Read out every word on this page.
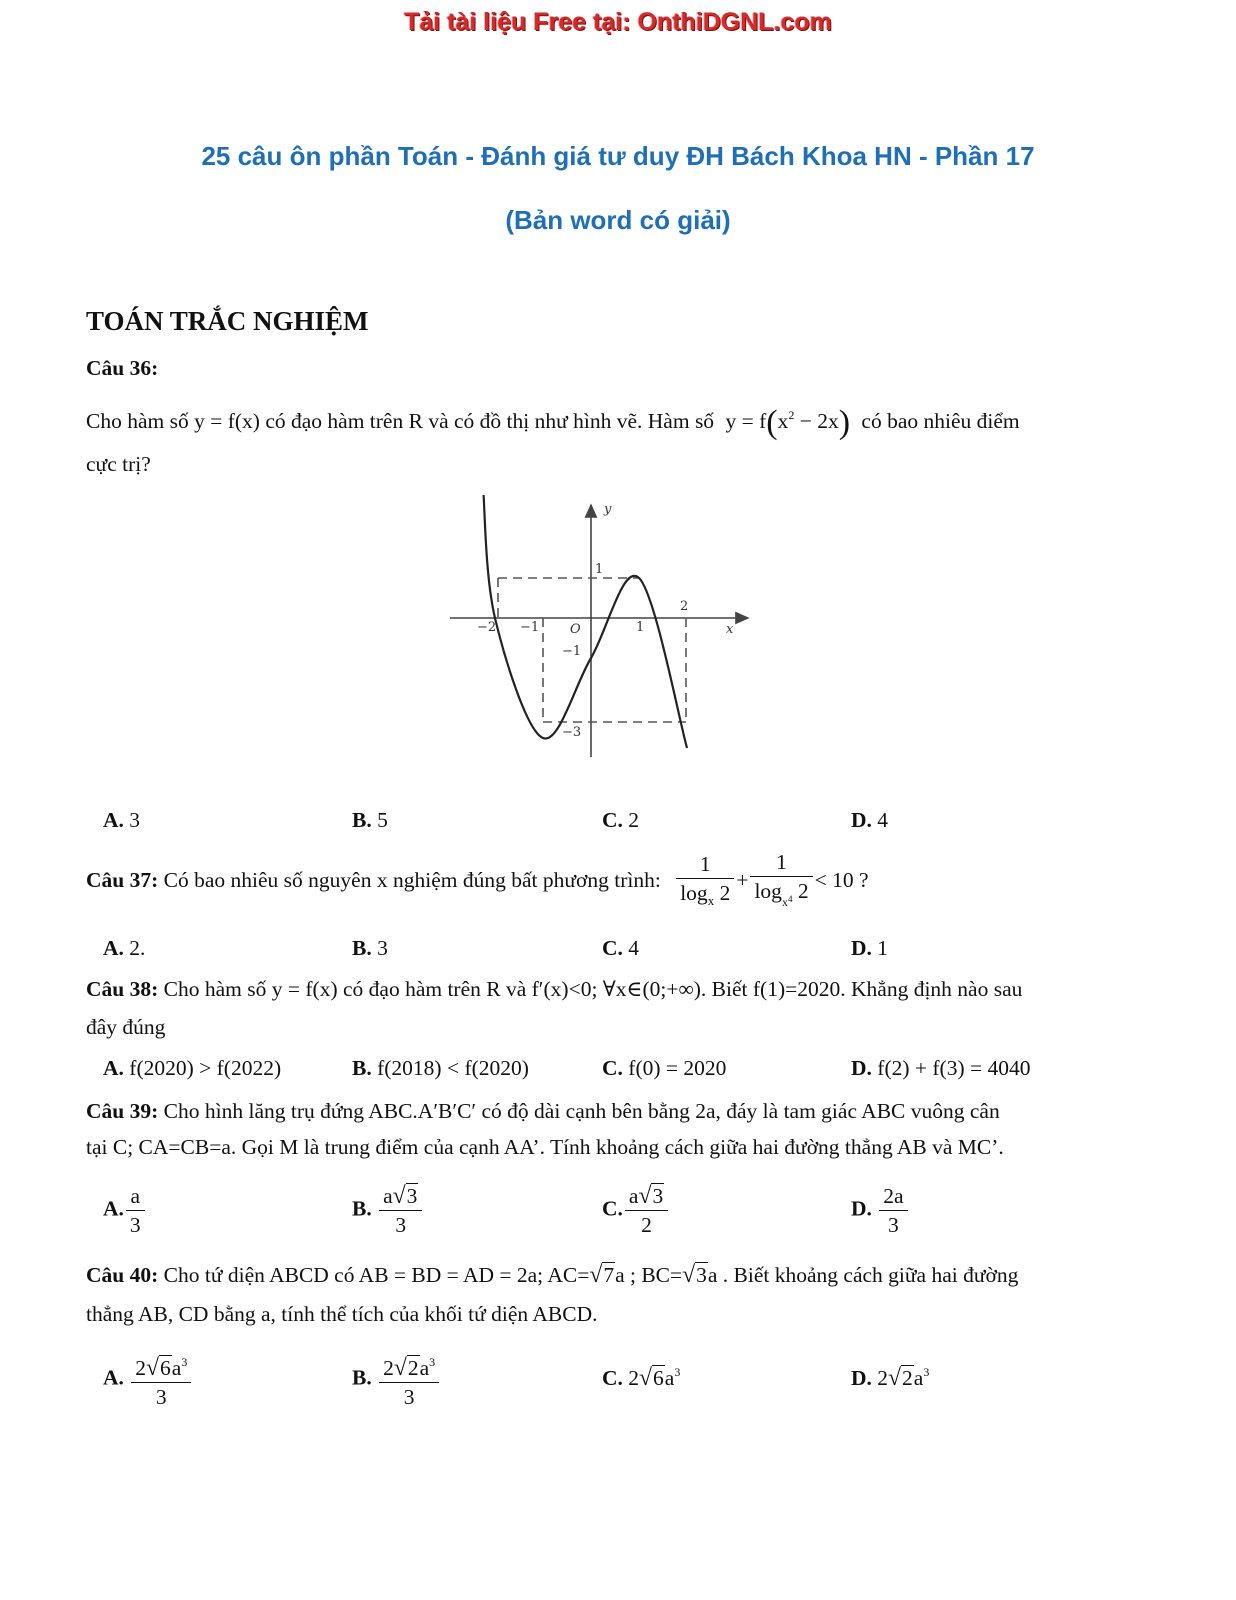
Tải tài liệu Free tại: OnthiDGNL.com
25 câu ôn phần Toán - Đánh giá tư duy ĐH Bách Khoa HN - Phần 17
(Bản word có giải)
TOÁN TRẮC NGHIỆM
Câu 36:
Cho hàm số y = f(x) có đạo hàm trên R và có đồ thị như hình vẽ. Hàm số $y = f(x^2 - 2x)$ có bao nhiêu điểm
cực trị?
y
x
O
−2 −1	1
2
1
−1
−3
A. 3	B. 5	C. 2	D. 4
Câu 37: Có bao nhiêu số nguyên x nghiệm đúng bất phương trình: $\frac{1}{\log_x 2} + \frac{1}{\log_{x^4} 2} < 10$ ?
A. 2.	B. 3	C. 4	D. 1
Câu 38: Cho hàm số y = f(x) có đạo hàm trên R và f′(x)<0; ∀x∈(0;+∞). Biết f(1)=2020. Khẳng định nào sau
đây đúng
A. f(2020) > f(2022)	B. f(2018) < f(2020)	C. f(0) = 2020	D. f(2) + f(3) = 4040
Câu 39: Cho hình lăng trụ đứng ABC.A′B′C′ có độ dài cạnh bên bằng 2a, đáy là tam giác ABC vuông cân
tại C; CA=CB=a. Gọi M là trung điểm của cạnh AA’. Tính khoảng cách giữa hai đường thẳng AB và MC’.
A. $\frac{a}{3}$	B. $\frac{a√3}{3}$	C. $\frac{a√3}{2}$	D. $\frac{2a}{3}$
Câu 40: Cho tứ diện ABCD có AB = BD = AD = 2a; AC=√7a ; BC=√3a . Biết khoảng cách giữa hai đường
thẳng AB, CD bằng a, tính thể tích của khối tứ diện ABCD.
A. $\frac{2√6a^3}{3}$	B. $\frac{2√2a^3}{3}$	C. $2√6a^3$	D. $2√2a^3$
